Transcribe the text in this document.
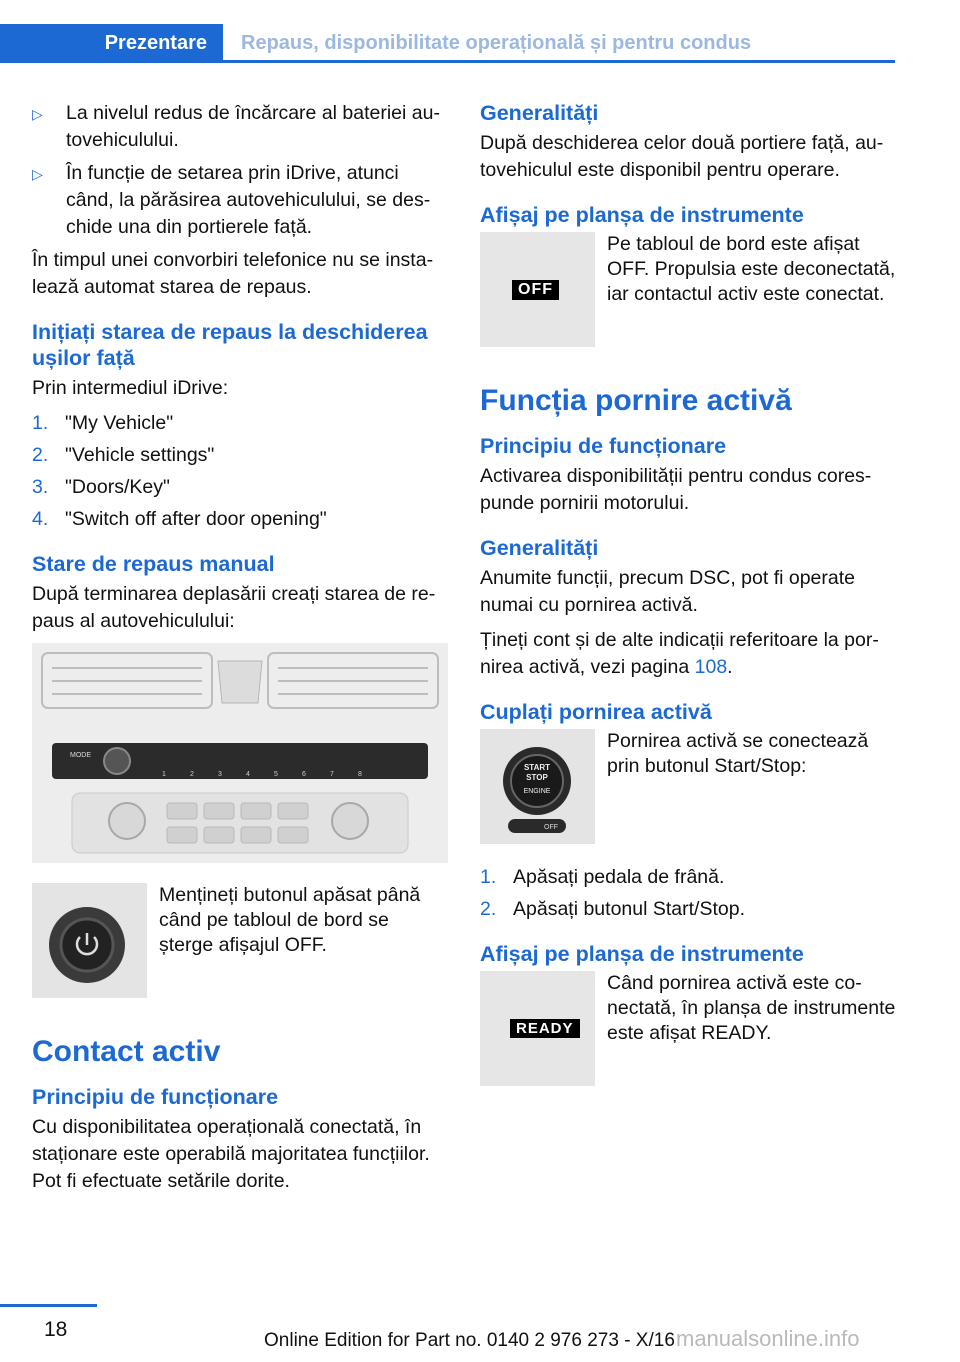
Prezentare Repaus, disponibilitate operațională și pentru condus
▷	La nivelul redus de încărcare al bateriei autovehiculului.
▷	În funcție de setarea prin iDrive, atunci când, la părăsirea autovehiculului, se deschide una din portierele față.

În timpul unei convorbiri telefonice nu se instalează automat starea de repaus.

Inițiați starea de repaus la deschiderea ușilor față

Prin intermediul iDrive:

1. "My Vehicle"
2. "Vehicle settings"
3. "Doors/Key"
4. "Switch off after door opening"
Stare de repaus manual

După terminarea deplasării creați starea de repaus al autovehiculului:

MODE
1	2	3	4	5	6	7	8
Mențineți butonul apăsat până când pe tabloul de bord se șterge afișajul OFF.
Contact activ
Principiu de funcționare

Cu disponibilitatea operațională conectată, în staționare este operabilă majoritatea funcțiilor. Pot fi efectuate setările dorite.

Generalități

După deschiderea celor două portiere față, autovehiculul este disponibil pentru operare.

Afișaj pe planșa de instrumente
OFF
Pe tabloul de bord este afișat OFF. Propulsia este deconectată, iar contactul activ este conectat.
Funcția pornire activă
Principiu de funcționare

Activarea disponibilității pentru condus corespunde pornirii motorului.

Generalități

Anumite funcții, precum DSC, pot fi operate numai cu pornirea activă.

Țineți cont și de alte indicații referitoare la pornirea activă, vezi pagina 108.

Cuplați pornirea activă
START
STOP
ENGINE
OFF
Pornirea activă se conectează prin butonul Start/Stop:
1. Apăsați pedala de frână.
2. Apăsați butonul Start/Stop.
Afișaj pe planșa de instrumente
READY
Când pornirea activă este conectată, în planșa de instrumente este afișat READY.
18	Online Edition for Part no. 0140 2 976 273 - X/16 manualsonline.info
